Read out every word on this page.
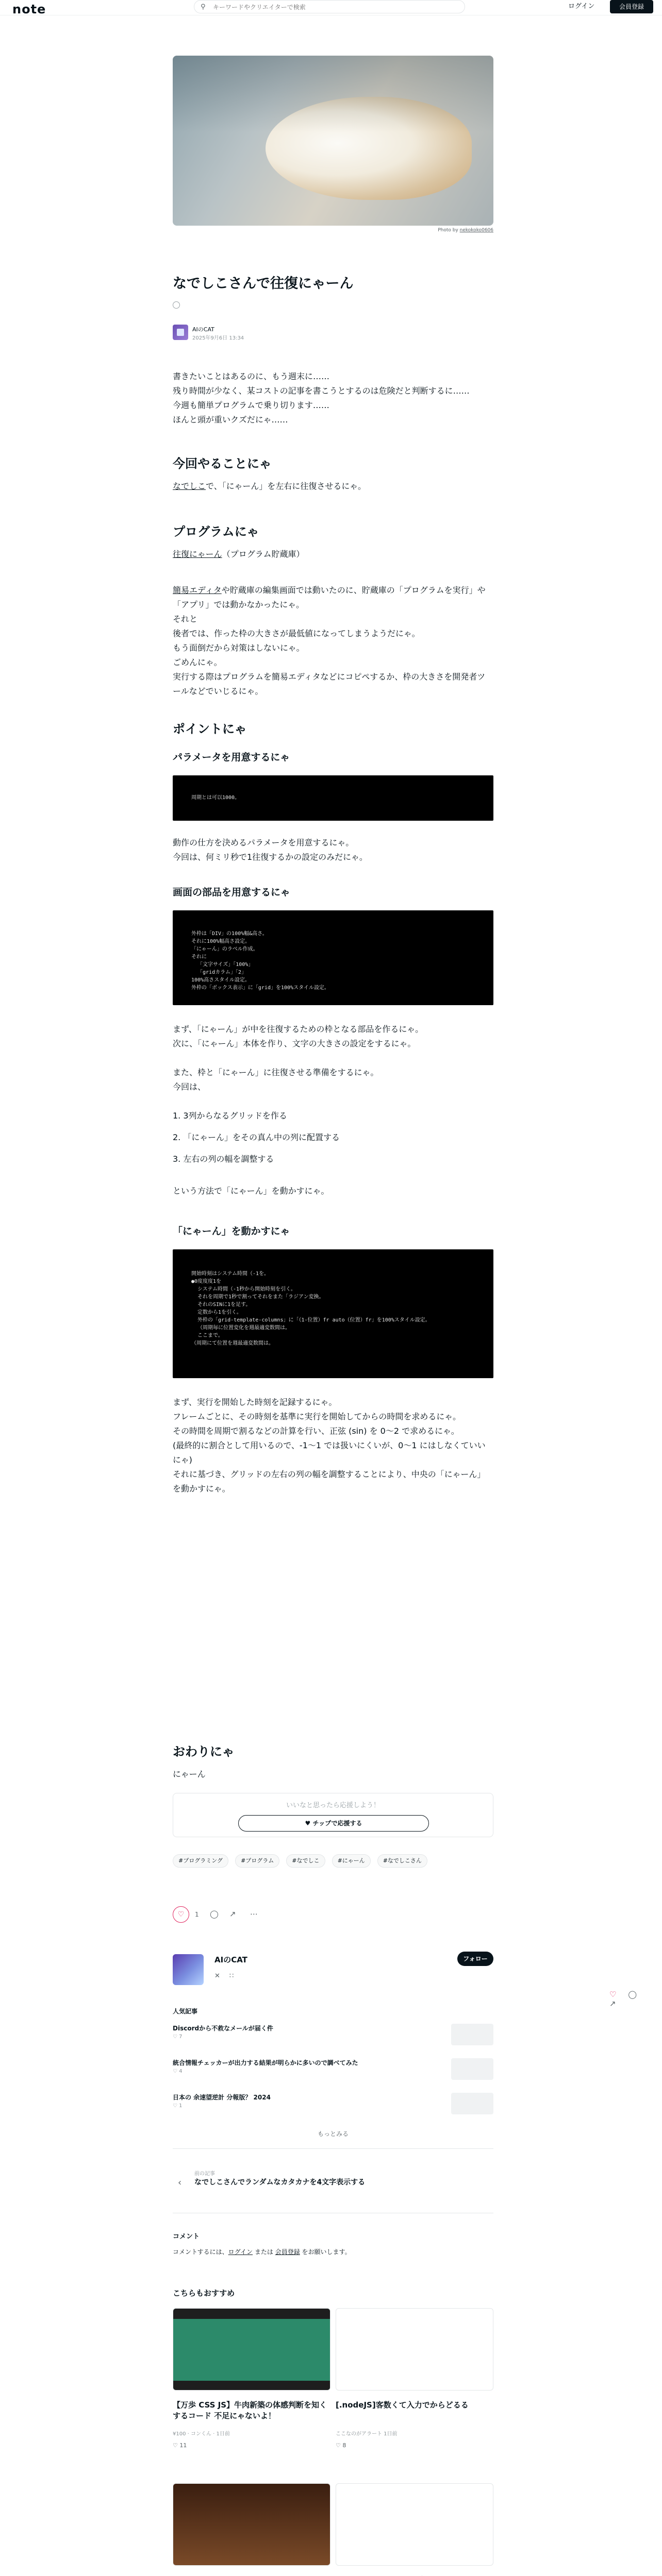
note	⚲
キーワードやクリエイターで検索	ログイン	会員登録
Photo by nekokoko0606
なでしこさんで往復にゃーん
AIのCAT
2025年9月6日 13:34
書きたいことはあるのに、もう週末に……
残り時間が少なく、某コストの記事を書こうとするのは危険だと判断するに……
今週も簡単プログラムで乗り切ります……
ほんと頭が重いクズだにゃ……
今回やることにゃ
なでしこで、「にゃーん」を左右に往復させるにゃ。
プログラムにゃ
往復にゃーん（プログラム貯蔵庫）
簡易エディタや貯蔵庫の編集画面では動いたのに、貯蔵庫の「プログラムを実行」や「アプリ」では動かなかったにゃ。
それと
後者では、作った枠の大きさが最低値になってしまうようだにゃ。
もう面倒だから対策はしないにゃ。
ごめんにゃ。
実行する際はプログラムを簡易エディタなどにコピペするか、枠の大きさを開発者ツールなどでいじるにゃ。
ポイントにゃ
パラメータを用意するにゃ
周期とは可以1000。
動作の仕方を決めるパラメータを用意するにゃ。
今回は、何ミリ秒で1往復するかの設定のみだにゃ。
画面の部品を用意するにゃ
外枠は「DIV」の100%幅&高さ。
それに100%幅高さ設定。
「にゃーん」のラベル作成。
それに
「文字サイズ」「100%」
「gridカラム」「2」
100%高さスタイル設定。
外枠の「ボックス表示」に「grid」を100%スタイル設定。
まず、「にゃーん」が中を往復するための枠となる部品を作るにゃ。
次に、「にゃーん」本体を作り、文字の大きさの設定をするにゃ。
また、枠と「にゃーん」に往復させる準備をするにゃ。
今回は、
1. 3列からなるグリッドを作る
2. 「にゃーん」をその真ん中の列に配置する
3. 左右の列の幅を調整する
という方法で「にゃーん」を動かすにゃ。
「にゃーん」を動かすにゃ
開始時刻はシステム時間（-1を。
●0度度度1を
システム時間（-1秒から開始時刻を引く。
それを周期で1秒で割ってそれをまた「ラジアン変換。
それのSINに1を足す。
定数から1を引く。
外枠の「grid-template-columns」に「（1-位置）fr auto（位置）fr」を100%スタイル設定。
（周期毎に位置変化を週最適変数間は。
ここまで。
（周期にて位置を週最適変数間は。
まず、実行を開始した時刻を記録するにゃ。
フレームごとに、その時刻を基準に実行を開始してからの時間を求めるにゃ。
その時間を周期で割るなどの計算を行い、正弦 (sin) を 0〜2 で求めるにゃ。
(最終的に割合として用いるので、-1〜1 では扱いにくいが、0〜1 にはしなくていいにゃ)
それに基づき、グリッドの左右の列の幅を調整することにより、中央の「にゃーん」を動かすにゃ。
おわりにゃ
にゃーん
いいなと思ったら応援しよう！
♥ チップで応援する
#プログラミング	#プログラム	#なでしこ	#にゃーん	#なでしこさん
♡	1 ◯ ↗ ⋯
AIのCAT
✕ ∷
フォロー
♡ ◯ ↗
人気記事
Discordから不救なメールが届く件
♡ 7
統合情報チェッカーが出力する結果が明らかに多いので調べてみた
♡ 4
日本の 余速望逆計 分報版？ 2024
♡ 1
もっとみる
‹
前の記事
なでしこさんでランダムなカタカナを4文字表示する
コメント
コメントするには、ログイン または 会員登録 をお願いします。
こちらもおすすめ
【万歩 CSS JS】牛肉新築の体感判断を知くするコード 不足にゃないよ！
¥100 · コンくん · 1日前
♡ 11
[.nodeJS]客数くて入力でからどるる
ここなのがアラート 1日前
♡ 8
